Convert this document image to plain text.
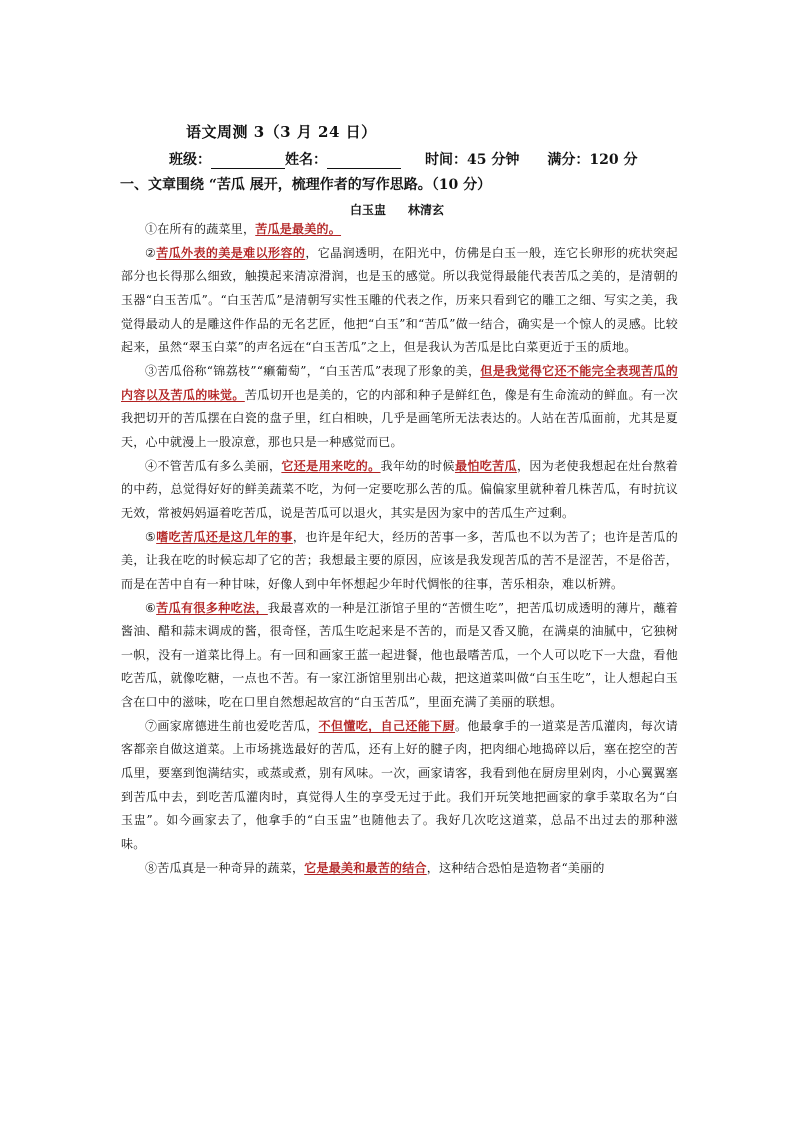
语文周测 3（3 月 24 日）
班级：	姓名：	时间：45 分钟 满分：120 分
一、文章围绕 “苦瓜 展开，梳理作者的写作思路。（10 分）
白玉盅 林清玄

①在所有的蔬菜里，苦瓜是最美的。

②苦瓜外表的美是难以形容的，它晶润透明，在阳光中，仿佛是白玉一般，连它长卵形的疣状突起部分也长得那么细致，触摸起来清凉滑润，也是玉的感觉。所以我觉得最能代表苦瓜之美的，是清朝的玉器“白玉苦瓜”。“白玉苦瓜”是清朝写实性玉雕的代表之作，历来只看到它的雕工之细、写实之美，我觉得最动人的是雕这件作品的无名艺匠，他把“白玉”和“苦瓜”做一结合，确实是一个惊人的灵感。比较起来，虽然“翠玉白菜”的声名远在“白玉苦瓜”之上，但是我认为苦瓜是比白菜更近于玉的质地。

③苦瓜俗称“锦荔枝”“癞葡萄”，“白玉苦瓜”表现了形象的美，但是我觉得它还不能完全表现苦瓜的内容以及苦瓜的味觉。苦瓜切开也是美的，它的内部和种子是鲜红色，像是有生命流动的鲜血。有一次我把切开的苦瓜摆在白瓷的盘子里，红白相映，几乎是画笔所无法表达的。人站在苦瓜面前，尤其是夏天，心中就漫上一股凉意，那也只是一种感觉而已。

④不管苦瓜有多么美丽，它还是用来吃的。我年幼的时候最怕吃苦瓜，因为老使我想起在灶台熬着的中药，总觉得好好的鲜美蔬菜不吃，为何一定要吃那么苦的瓜。偏偏家里就种着几株苦瓜，有时抗议无效，常被妈妈逼着吃苦瓜，说是苦瓜可以退火，其实是因为家中的苦瓜生产过剩。

⑤嗜吃苦瓜还是这几年的事，也许是年纪大，经历的苦事一多，苦瓜也不以为苦了；也许是苦瓜的美，让我在吃的时候忘却了它的苦；我想最主要的原因，应该是我发现苦瓜的苦不是涩苦，不是俗苦，而是在苦中自有一种甘味，好像人到中年怀想起少年时代惆怅的往事，苦乐相杂，难以析辨。

⑥苦瓜有很多种吃法，我最喜欢的一种是江浙馆子里的“苦惯生吃”，把苦瓜切成透明的薄片，蘸着酱油、醋和蒜末调成的酱，很奇怪，苦瓜生吃起来是不苦的，而是又香又脆，在满桌的油腻中，它独树一帜，没有一道菜比得上。有一回和画家王蓝一起进餐，他也最嗜苦瓜，一个人可以吃下一大盘，看他吃苦瓜，就像吃糖，一点也不苦。有一家江浙馆里别出心裁，把这道菜叫做“白玉生吃”，让人想起白玉含在口中的滋味，吃在口里自然想起故宫的“白玉苦瓜”，里面充满了美丽的联想。

⑦画家席德进生前也爱吃苦瓜，不但懂吃，自己还能下厨。他最拿手的一道菜是苦瓜灌肉，每次请客都亲自做这道菜。上市场挑选最好的苦瓜，还有上好的腱子肉，把肉细心地捣碎以后，塞在挖空的苦瓜里，要塞到饱满结实，或蒸或煮，别有风味。一次，画家请客，我看到他在厨房里剁肉，小心翼翼塞到苦瓜中去，到吃苦瓜灌肉时，真觉得人生的享受无过于此。我们开玩笑地把画家的拿手菜取名为“白玉盅”。如今画家去了，他拿手的“白玉盅”也随他去了。我好几次吃这道菜，总品不出过去的那种滋味。

⑧苦瓜真是一种奇异的蔬菜，它是最美和最苦的结合，这种结合恐怕是造物者“美丽的
